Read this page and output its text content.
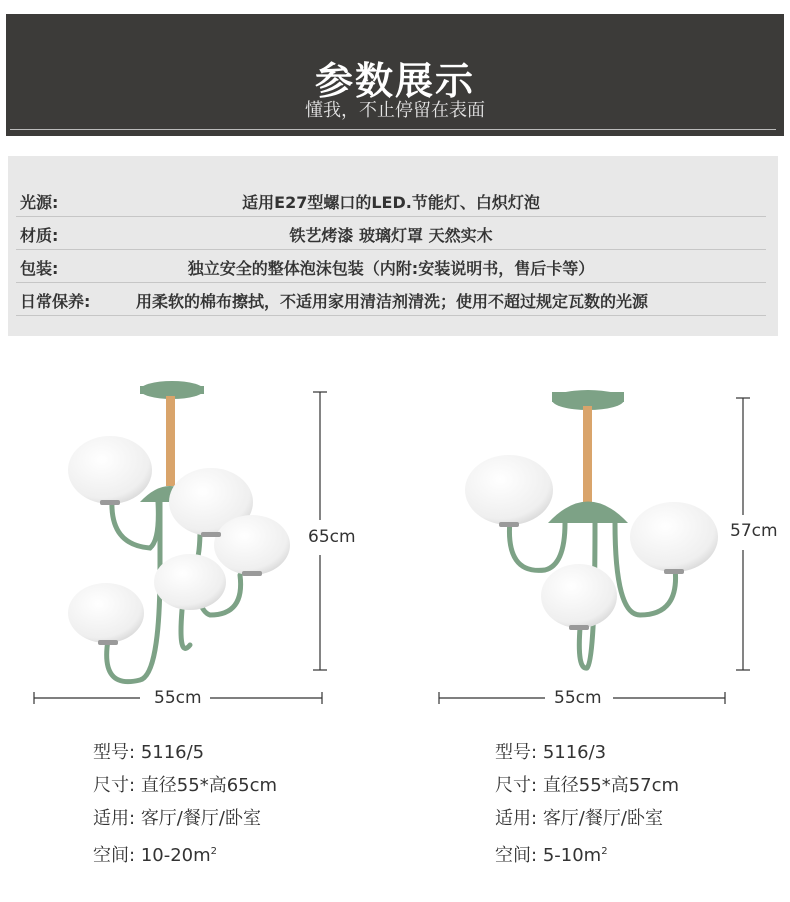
参数展示
懂我，不止停留在表面
光源:	适用E27型螺口的LED.节能灯、白炽灯泡
材质:	铁艺烤漆 玻璃灯罩 天然实木
包装:	独立安全的整体泡沫包装（内附:安装说明书，售后卡等）
日常保养:	用柔软的棉布擦拭，不适用家用清洁剂清洗；使用不超过规定瓦数的光源
65cm
55cm
57cm
55cm
型号: 5116/5
尺寸: 直径55*高65cm
适用: 客厅/餐厅/卧室
空间: $10-20m^2$
型号: 5116/3
尺寸: 直径55*高57cm
适用: 客厅/餐厅/卧室
空间: $5-10m^2$
